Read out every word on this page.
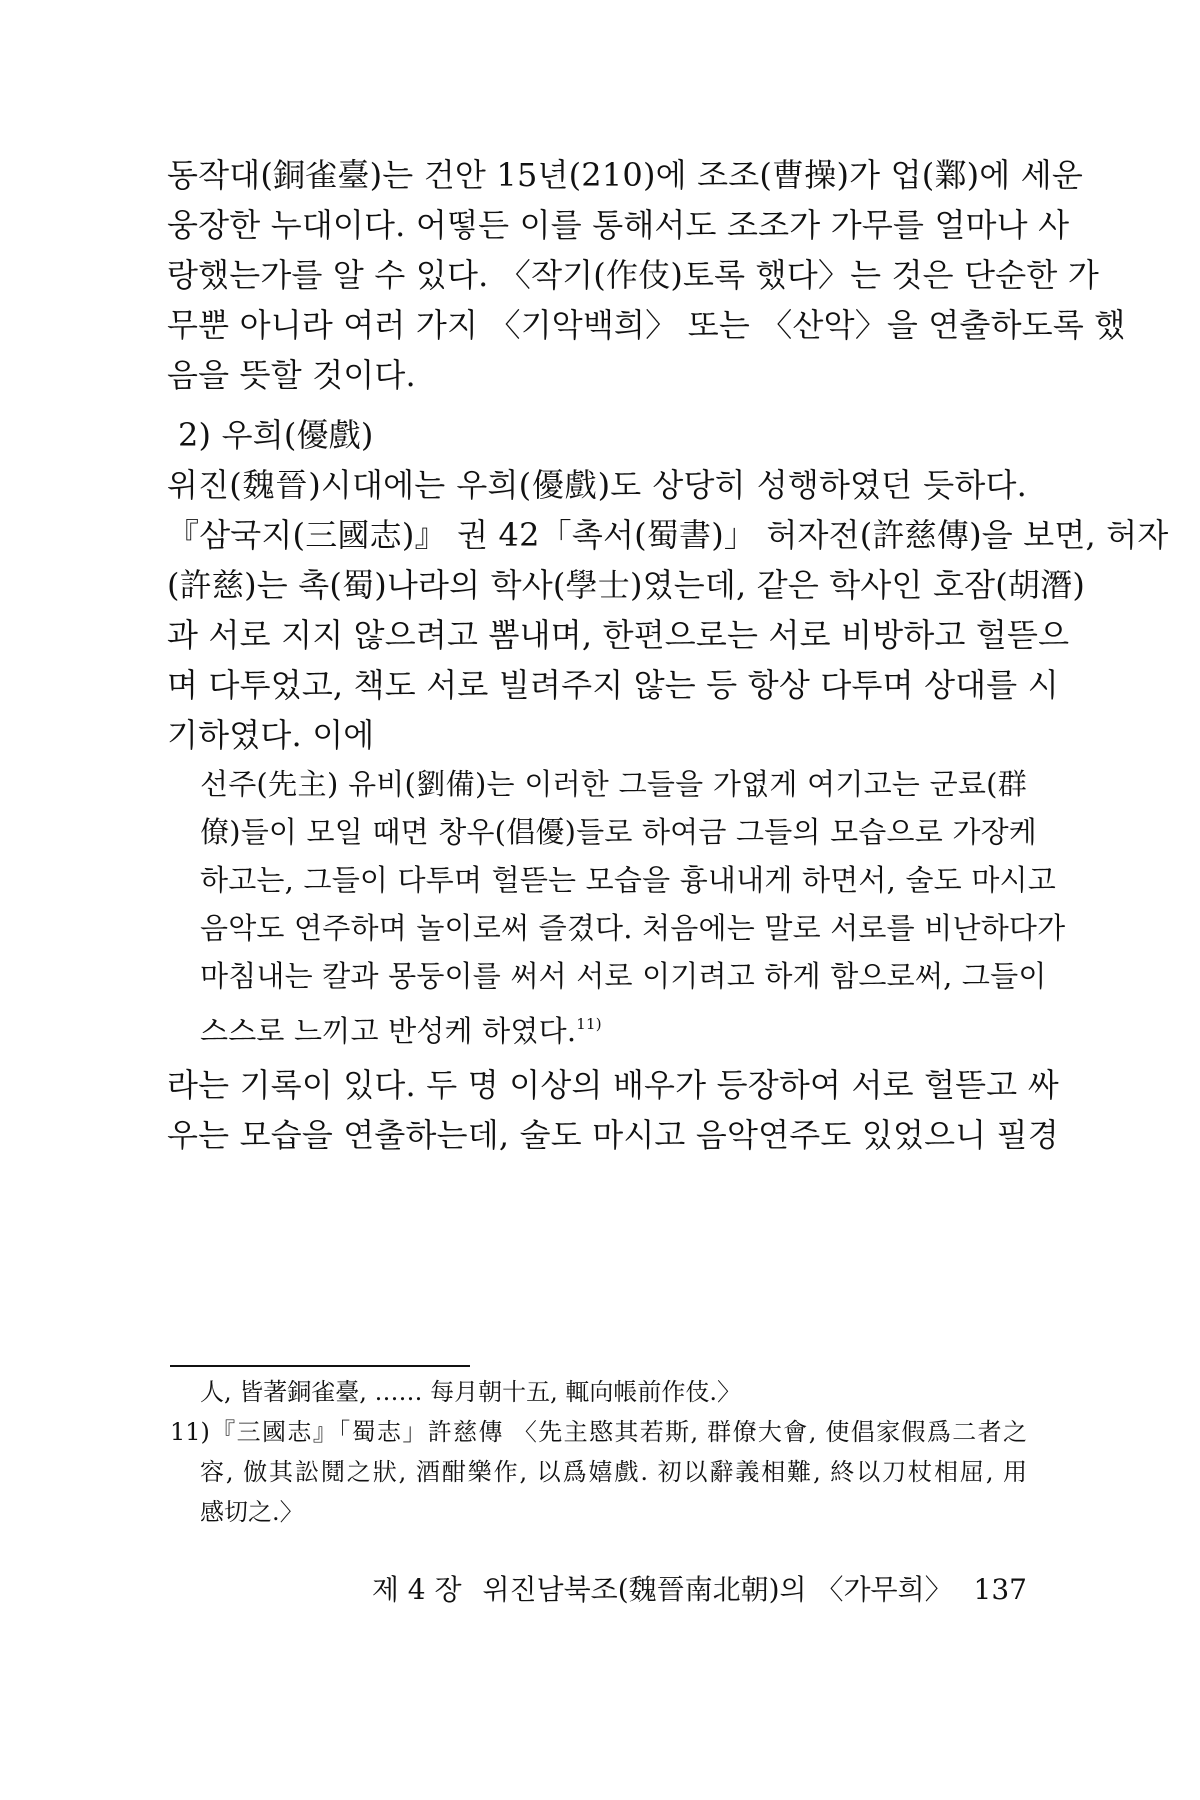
동작대(銅雀臺)는 건안 15년(210)에 조조(曹操)가 업(鄴)에 세운
웅장한 누대이다. 어떻든 이를 통해서도 조조가 가무를 얼마나 사
랑했는가를 알 수 있다. 〈작기(作伎)토록 했다〉는 것은 단순한 가
무뿐 아니라 여러 가지 〈기악백희〉 또는 〈산악〉을 연출하도록 했
음을 뜻할 것이다.
2) 우희(優戲)
위진(魏晉)시대에는 우희(優戲)도 상당히 성행하였던 듯하다.
『삼국지(三國志)』 권 42「촉서(蜀書)」 허자전(許慈傳)을 보면, 허자
(許慈)는 촉(蜀)나라의 학사(學士)였는데, 같은 학사인 호잠(胡潛)
과 서로 지지 않으려고 뽐내며, 한편으로는 서로 비방하고 헐뜯으
며 다투었고, 책도 서로 빌려주지 않는 등 항상 다투며 상대를 시
기하였다. 이에
선주(先主) 유비(劉備)는 이러한 그들을 가엾게 여기고는 군료(群
僚)들이 모일 때면 창우(倡優)들로 하여금 그들의 모습으로 가장케
하고는, 그들이 다투며 헐뜯는 모습을 흉내내게 하면서, 술도 마시고
음악도 연주하며 놀이로써 즐겼다. 처음에는 말로 서로를 비난하다가
마침내는 칼과 몽둥이를 써서 서로 이기려고 하게 함으로써, 그들이
스스로 느끼고 반성케 하였다.$^{11)}$
라는 기록이 있다. 두 명 이상의 배우가 등장하여 서로 헐뜯고 싸
우는 모습을 연출하는데, 술도 마시고 음악연주도 있었으니 필경
人, 皆著銅雀臺, …… 每月朝十五, 輒向帳前作伎.〉
11)『三國志』「蜀志」許慈傳 〈先主愍其若斯, 群僚大會, 使倡家假爲二者之
容, 倣其訟鬩之狀, 酒酣樂作, 以爲嬉戲. 初以辭義相難, 終以刀杖相屈, 用
感切之.〉
제 4 장 위진남북조(魏晉南北朝)의 〈가무희〉 137
